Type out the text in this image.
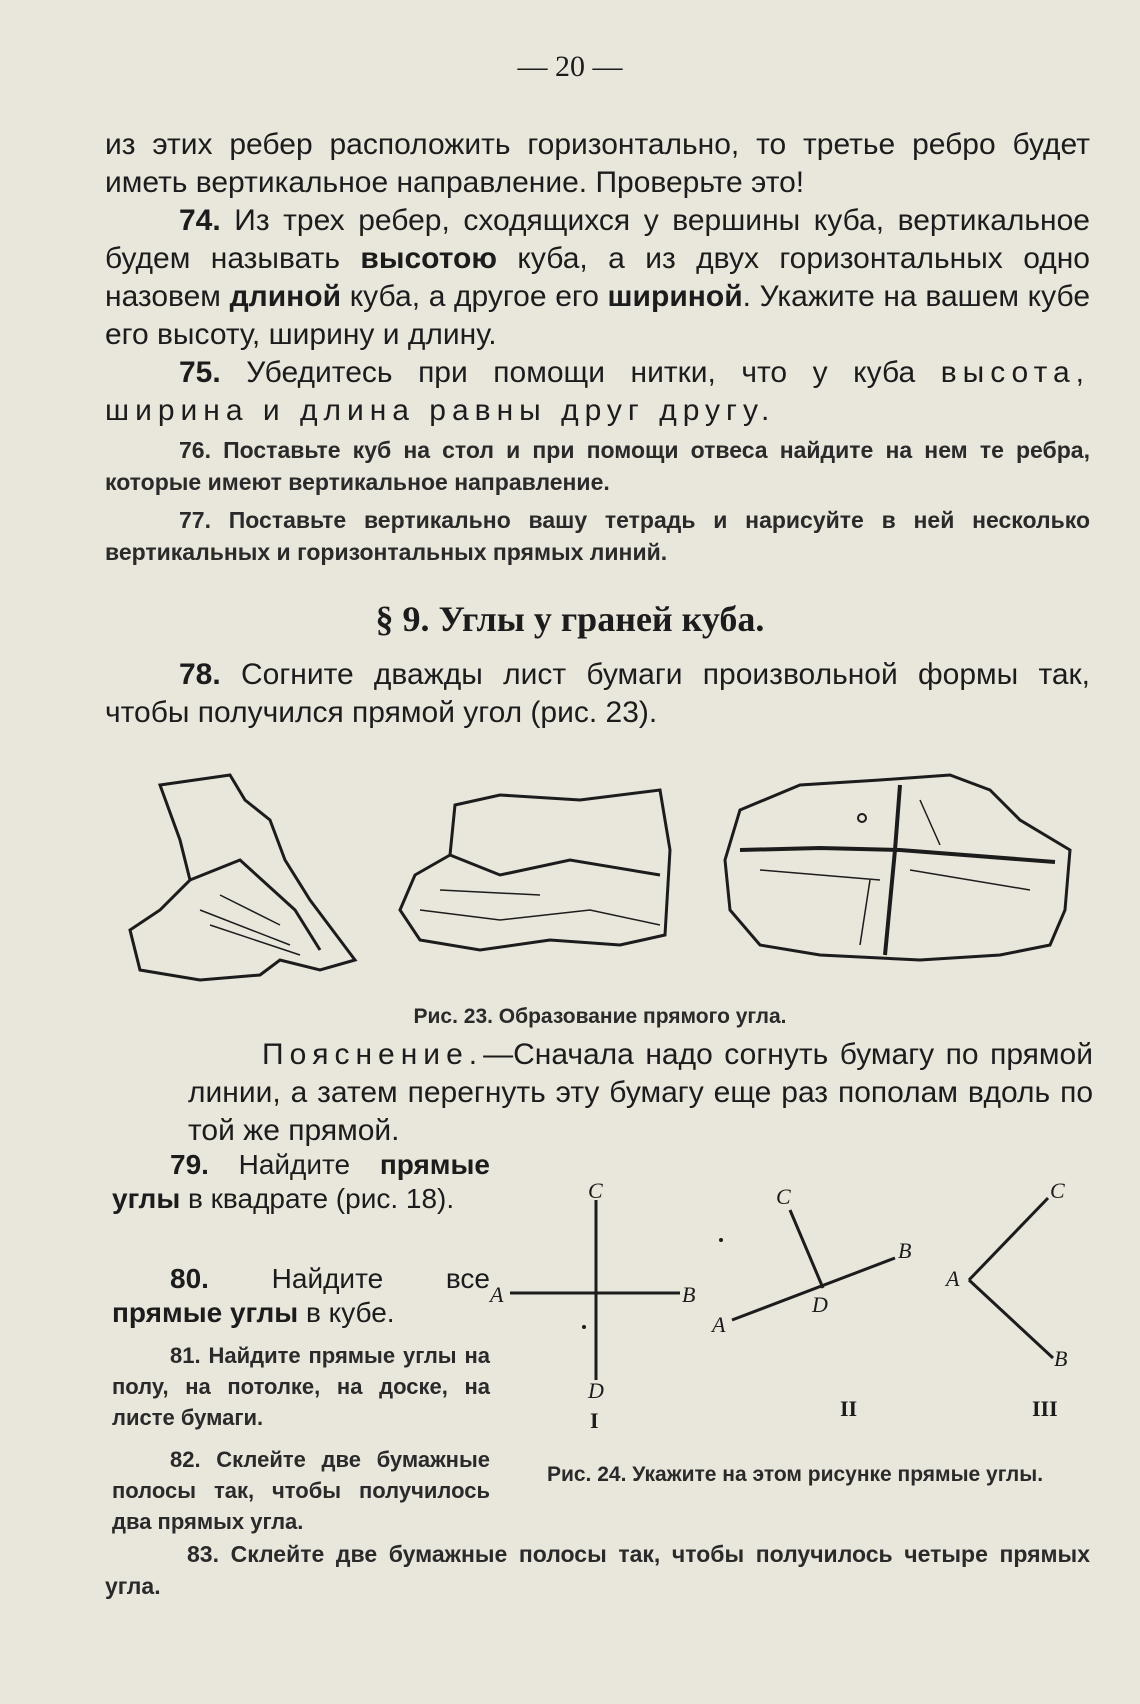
— 20 —

из этих ребер расположить горизонтально, то третье ребро будет иметь вертикальное направление. Проверьте это!

74. Из трех ребер, сходящихся у вершины куба, вертикальное будем называть высотою куба, а из двух горизонтальных одно назовем длиной куба, а другое его шириной. Укажите на вашем кубе его высоту, ширину и длину.

75. Убедитесь при помощи нитки, что у куба высота, ширина и длина равны друг другу.

76. Поставьте куб на стол и при помощи отвеса найдите на нем те ребра, которые имеют вертикальное направление.

77. Поставьте вертикально вашу тетрадь и нарисуйте в ней несколько вертикальных и горизонтальных прямых линий.

§ 9. Углы у граней куба.

78. Согните дважды лист бумаги произвольной формы так, чтобы получился прямой угол (рис. 23).

Рис. 23. Образование прямого угла.

Пояснение.—Сначала надо согнуть бумагу по прямой линии, а затем перегнуть эту бумагу еще раз пополам вдоль по той же прямой.

79. Найдите прямые углы в квадрате (рис. 18).

80. Найдите все прямые углы в кубе.

81. Найдите прямые углы на полу, на потолке, на доске, на листе бумаги.

82. Склейте две бумажные полосы так, чтобы получилось два прямых угла.

C
A	B
D
C
B
D
A
C
A
B
I	II	III
Рис. 24. Укажите на этом рисунке прямые углы.

83. Склейте две бумажные полосы так, чтобы получилось четыре прямых угла.
